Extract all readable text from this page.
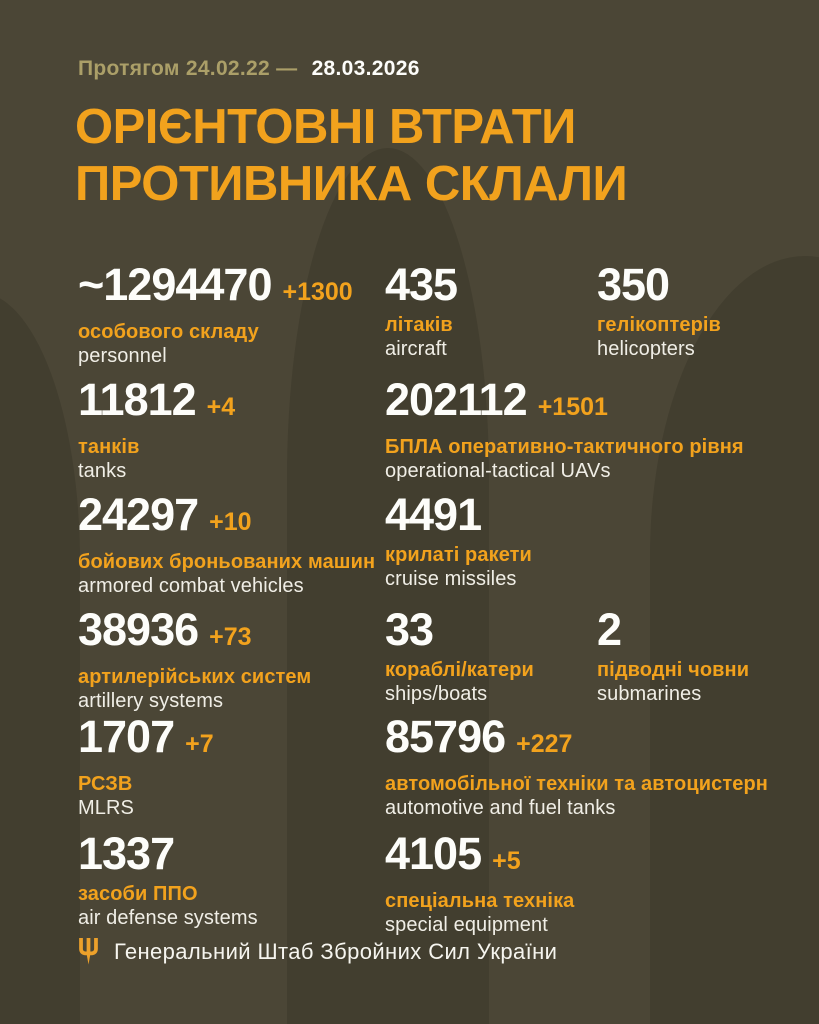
Протягом 24.02.22 — 28.03.2026
ОРІЄНТОВНІ ВТРАТИ
ПРОТИВНИКА СКЛАЛИ
~1294470 +1300
особового складу
personnel
435
літаків
aircraft
350
гелікоптерів
helicopters
11812 +4
танків
tanks
202112 +1501
БПЛА оперативно-тактичного рівня
operational-tactical UAVs
24297 +10
бойових броньованих машин
armored combat vehicles
4491
крилаті ракети
cruise missiles
38936 +73
артилерійських систем
artillery systems
33
кораблі/катери
ships/boats
2
підводні човни
submarines
1707 +7
РСЗВ
MLRS
85796 +227
автомобільної техніки та автоцистерн
automotive and fuel tanks
1337
засоби ППО
air defense systems
4105 +5
спеціальна техніка
special equipment
Генеральний Штаб Збройних Сил України
